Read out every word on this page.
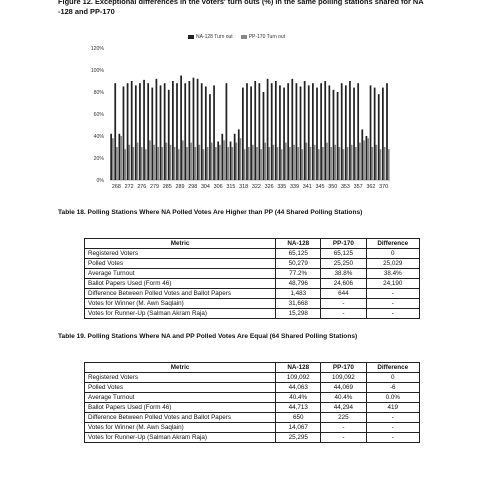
Figure 12. Exceptional differences in the voters' turn outs (%) in the same polling stations shared for NA -128 and PP-170
NA-128 Turn out	PP-170 Turn out
0%
20%
40%
60%
80%
100%
120%
268 272 276 279 285 289 298 304 306 315 318 322 326 335 339 341 345 350 353 357 362 370
Table 18. Polling Stations Where NA Polled Votes Are Higher than PP (44 Shared Polling Stations)
Metric	NA-128	PP-170	Difference
Registered Voters	65,125	65,125	0
Polled Votes	50,279	25,250	25,029
Average Turnout	77.2%	38.8%	38.4%
Ballot Papers Used (Form 46)	48,796	24,606	24,190
Difference Between Polled Votes and Ballot Papers	1,483	644	-
Votes for Winner (M. Awn Saqlain)	31,668	-	-
Votes for Runner-Up (Salman Akram Raja)	15,298	-	-
Table 19. Polling Stations Where NA and PP Polled Votes Are Equal (64 Shared Polling Stations)
Metric	NA-128	PP-170	Difference
Registered Voters	109,092	109,092	0
Polled Votes	44,063	44,069	-6
Average Turnout	40.4%	40.4%	0.0%
Ballot Papers Used (Form 46)	44,713	44,294	419
Difference Between Polled Votes and Ballot Papers	650	225	-
Votes for Winner (M. Awn Saqlain)	14,067	-	-
Votes for Runner-Up (Salman Akram Raja)	25,295	-	-
